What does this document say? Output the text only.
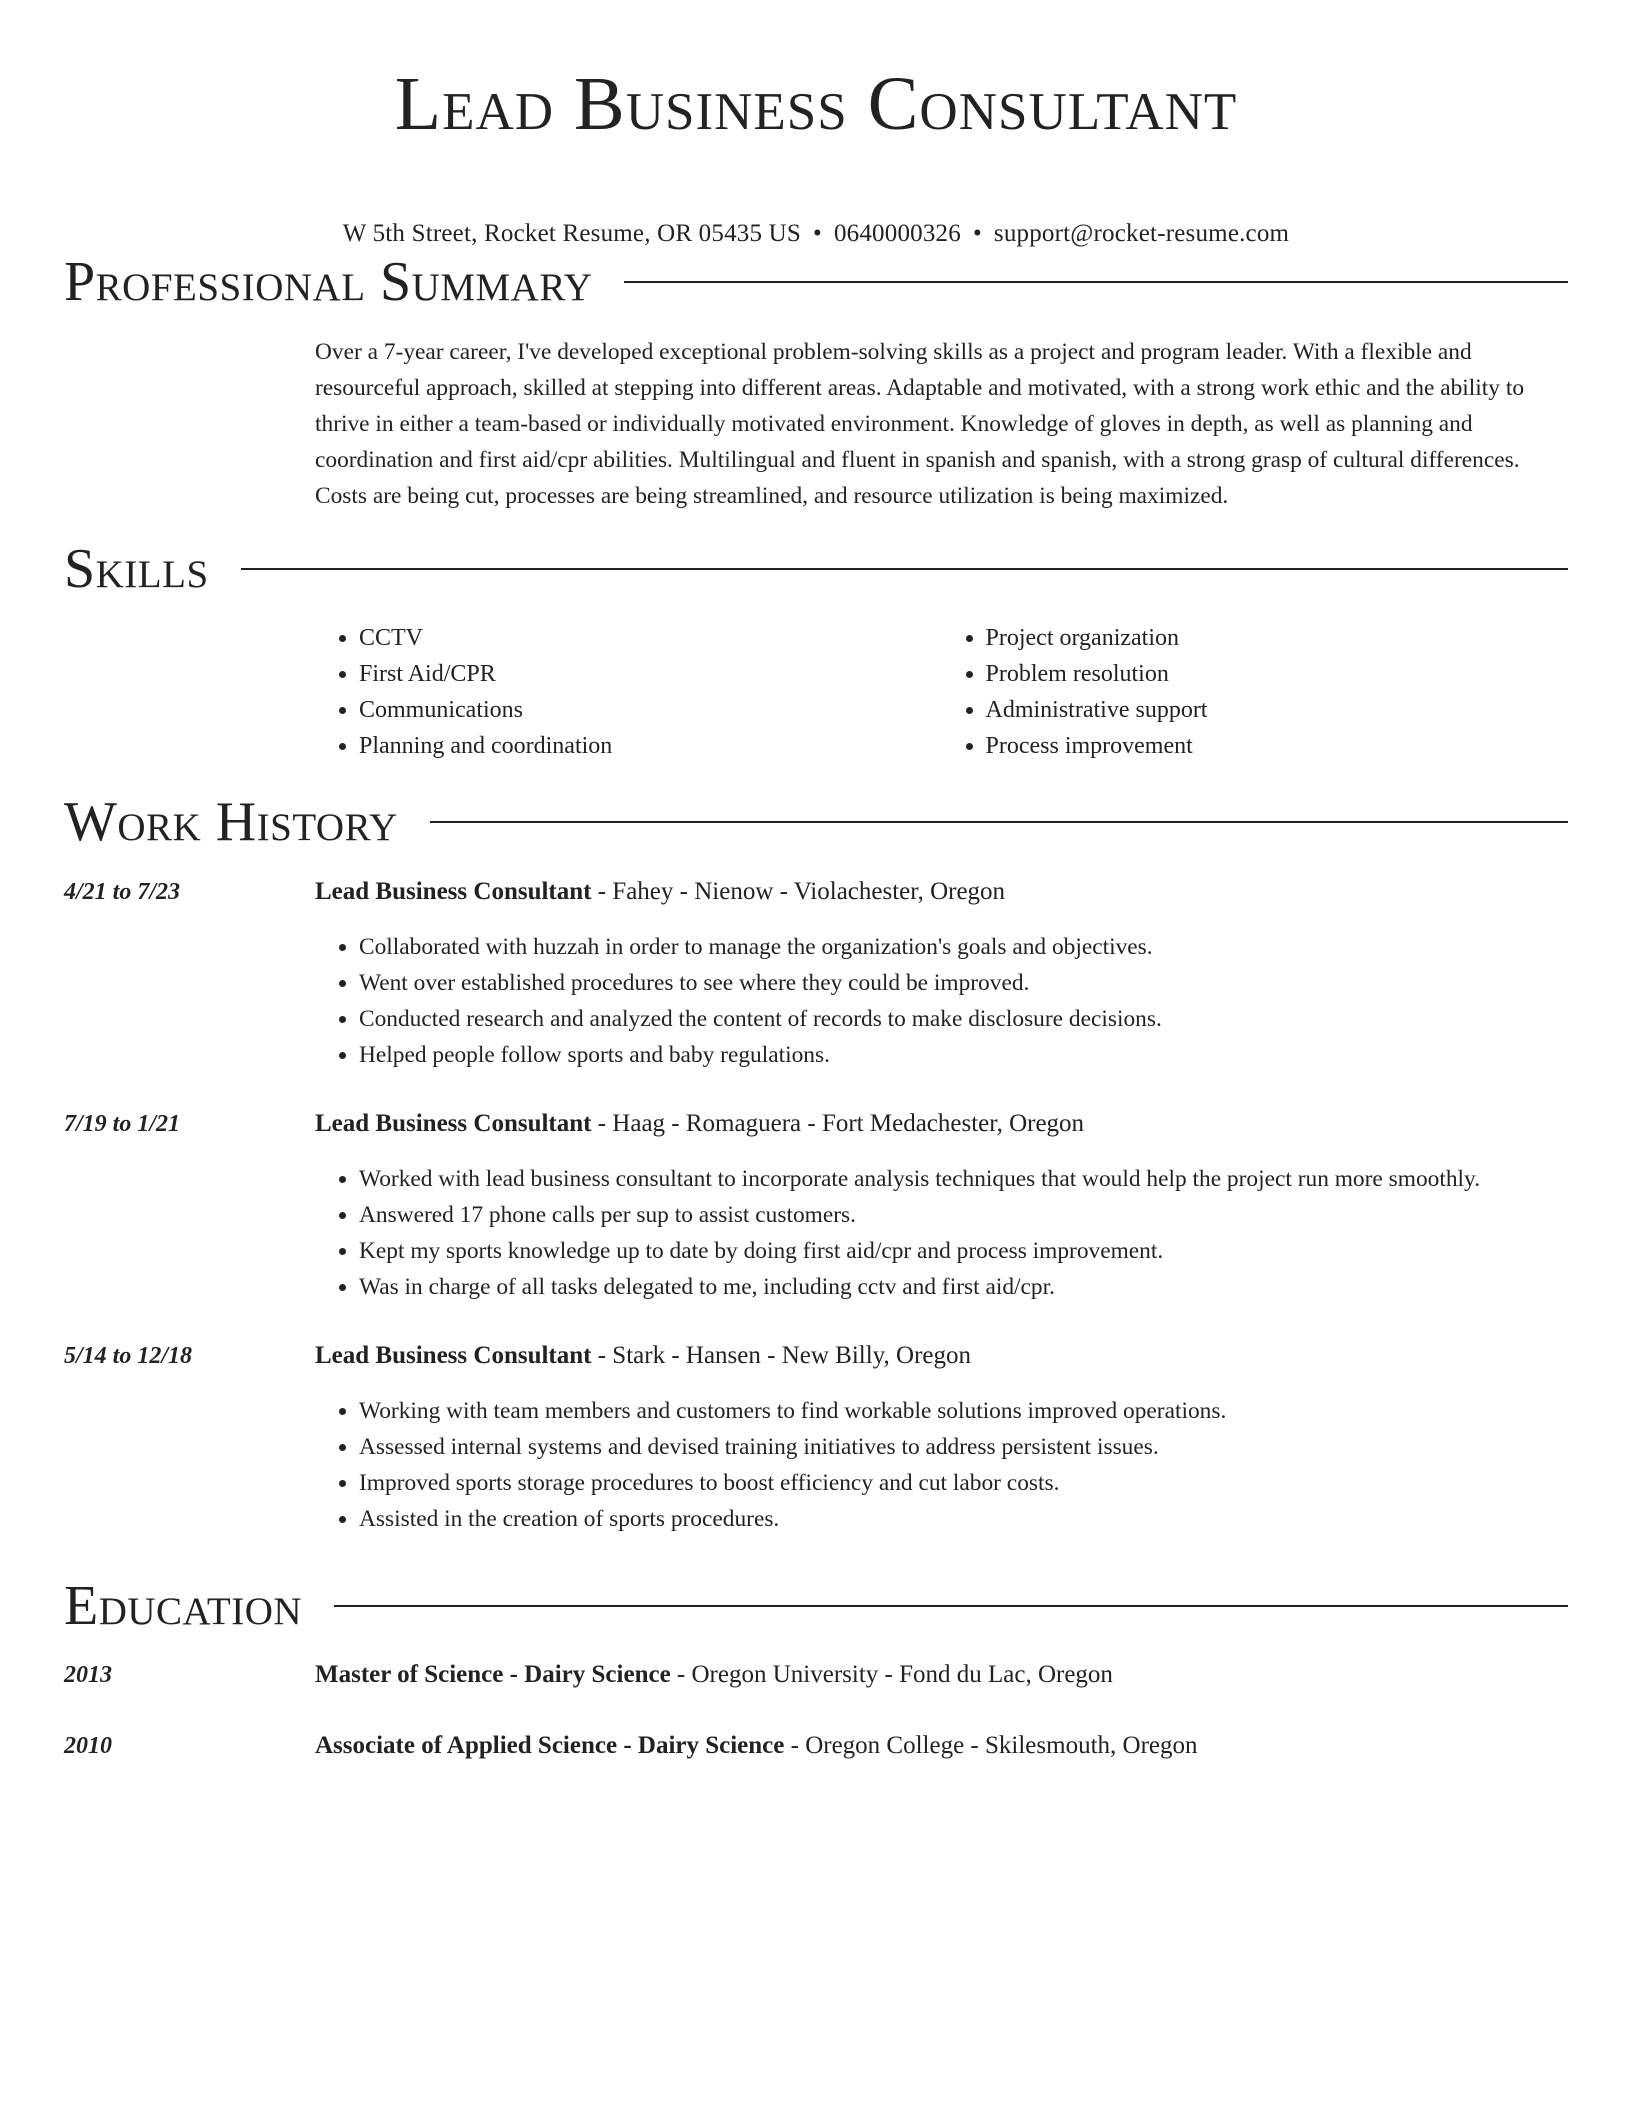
Lead Business Consultant
W 5th Street, Rocket Resume, OR 05435 US • 0640000326 • support@rocket-resume.com
Professional Summary

Over a 7-year career, I've developed exceptional problem-solving skills as a project and program leader. With a flexible and resourceful approach, skilled at stepping into different areas. Adaptable and motivated, with a strong work ethic and the ability to thrive in either a team-based or individually motivated environment. Knowledge of gloves in depth, as well as planning and coordination and first aid/cpr abilities. Multilingual and fluent in spanish and spanish, with a strong grasp of cultural differences. Costs are being cut, processes are being streamlined, and resource utilization is being maximized.

Skills
• CCTV
• First Aid/CPR
• Communications
• Planning and coordination
• Project organization
• Problem resolution
• Administrative support
• Process improvement
Work History
4/21 to 7/23	Lead Business Consultant - Fahey - Nienow - Violachester, Oregon
• Collaborated with huzzah in order to manage the organization's goals and objectives.
• Went over established procedures to see where they could be improved.
• Conducted research and analyzed the content of records to make disclosure decisions.
• Helped people follow sports and baby regulations.
7/19 to 1/21	Lead Business Consultant - Haag - Romaguera - Fort Medachester, Oregon
• Worked with lead business consultant to incorporate analysis techniques that would help the project run more smoothly.
• Answered 17 phone calls per sup to assist customers.
• Kept my sports knowledge up to date by doing first aid/cpr and process improvement.
• Was in charge of all tasks delegated to me, including cctv and first aid/cpr.
5/14 to 12/18	Lead Business Consultant - Stark - Hansen - New Billy, Oregon
• Working with team members and customers to find workable solutions improved operations.
• Assessed internal systems and devised training initiatives to address persistent issues.
• Improved sports storage procedures to boost efficiency and cut labor costs.
• Assisted in the creation of sports procedures.
Education
2013	Master of Science - Dairy Science - Oregon University - Fond du Lac, Oregon
2010	Associate of Applied Science - Dairy Science - Oregon College - Skilesmouth, Oregon
